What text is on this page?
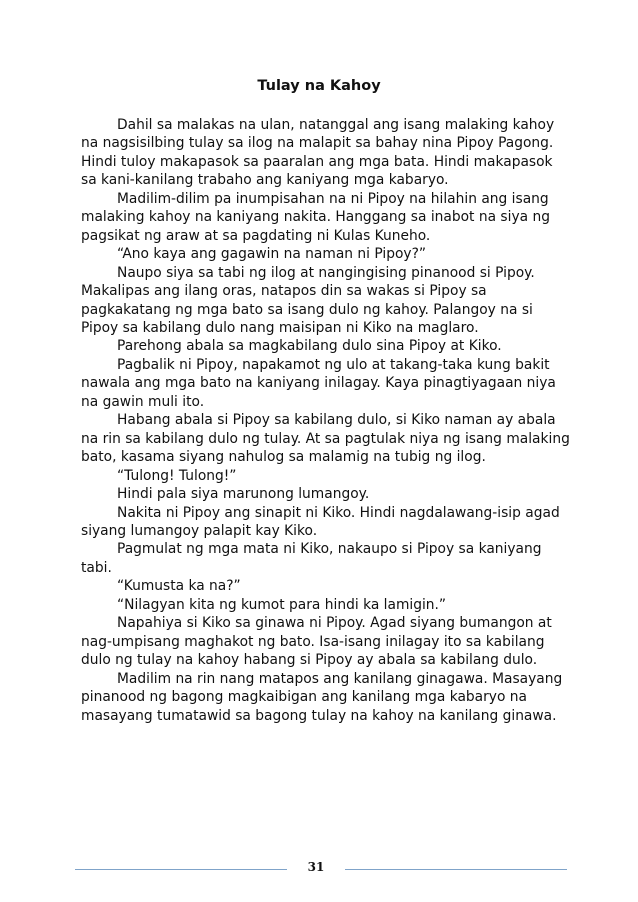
Tulay na Kahoy

Dahil sa malakas na ulan, natanggal ang isang malaking kahoy na nagsisilbing tulay sa ilog na malapit sa bahay nina Pipoy Pagong. Hindi tuloy makapasok sa paaralan ang mga bata. Hindi makapasok sa kani-kanilang trabaho ang kaniyang mga kabaryo.

Madilim-dilim pa inumpisahan na ni Pipoy na hilahin ang isang malaking kahoy na kaniyang nakita. Hanggang sa inabot na siya ng pagsikat ng araw at sa pagdating ni Kulas Kuneho.

“Ano kaya ang gagawin na naman ni Pipoy?”

Naupo siya sa tabi ng ilog at nangingising pinanood si Pipoy. Makalipas ang ilang oras, natapos din sa wakas si Pipoy sa pagkakatang ng mga bato sa isang dulo ng kahoy. Palangoy na si Pipoy sa kabilang dulo nang maisipan ni Kiko na maglaro.

Parehong abala sa magkabilang dulo sina Pipoy at Kiko.

Pagbalik ni Pipoy, napakamot ng ulo at takang-taka kung bakit nawala ang mga bato na kaniyang inilagay. Kaya pinagtiyagaan niya na gawin muli ito.

Habang abala si Pipoy sa kabilang dulo, si Kiko naman ay abala na rin sa kabilang dulo ng tulay. At sa pagtulak niya ng isang malaking bato, kasama siyang nahulog sa malamig na tubig ng ilog.

“Tulong! Tulong!”

Hindi pala siya marunong lumangoy.

Nakita ni Pipoy ang sinapit ni Kiko. Hindi nagdalawang-isip agad siyang lumangoy palapit kay Kiko.

Pagmulat ng mga mata ni Kiko, nakaupo si Pipoy sa kaniyang tabi.

“Kumusta ka na?”

“Nilagyan kita ng kumot para hindi ka lamigin.”

Napahiya si Kiko sa ginawa ni Pipoy. Agad siyang bumangon at nag-umpisang maghakot ng bato. Isa-isang inilagay ito sa kabilang dulo ng tulay na kahoy habang si Pipoy ay abala sa kabilang dulo.

Madilim na rin nang matapos ang kanilang ginagawa. Masayang pinanood ng bagong magkaibigan ang kanilang mga kabaryo na masayang tumatawid sa bagong tulay na kahoy na kanilang ginawa.

31
